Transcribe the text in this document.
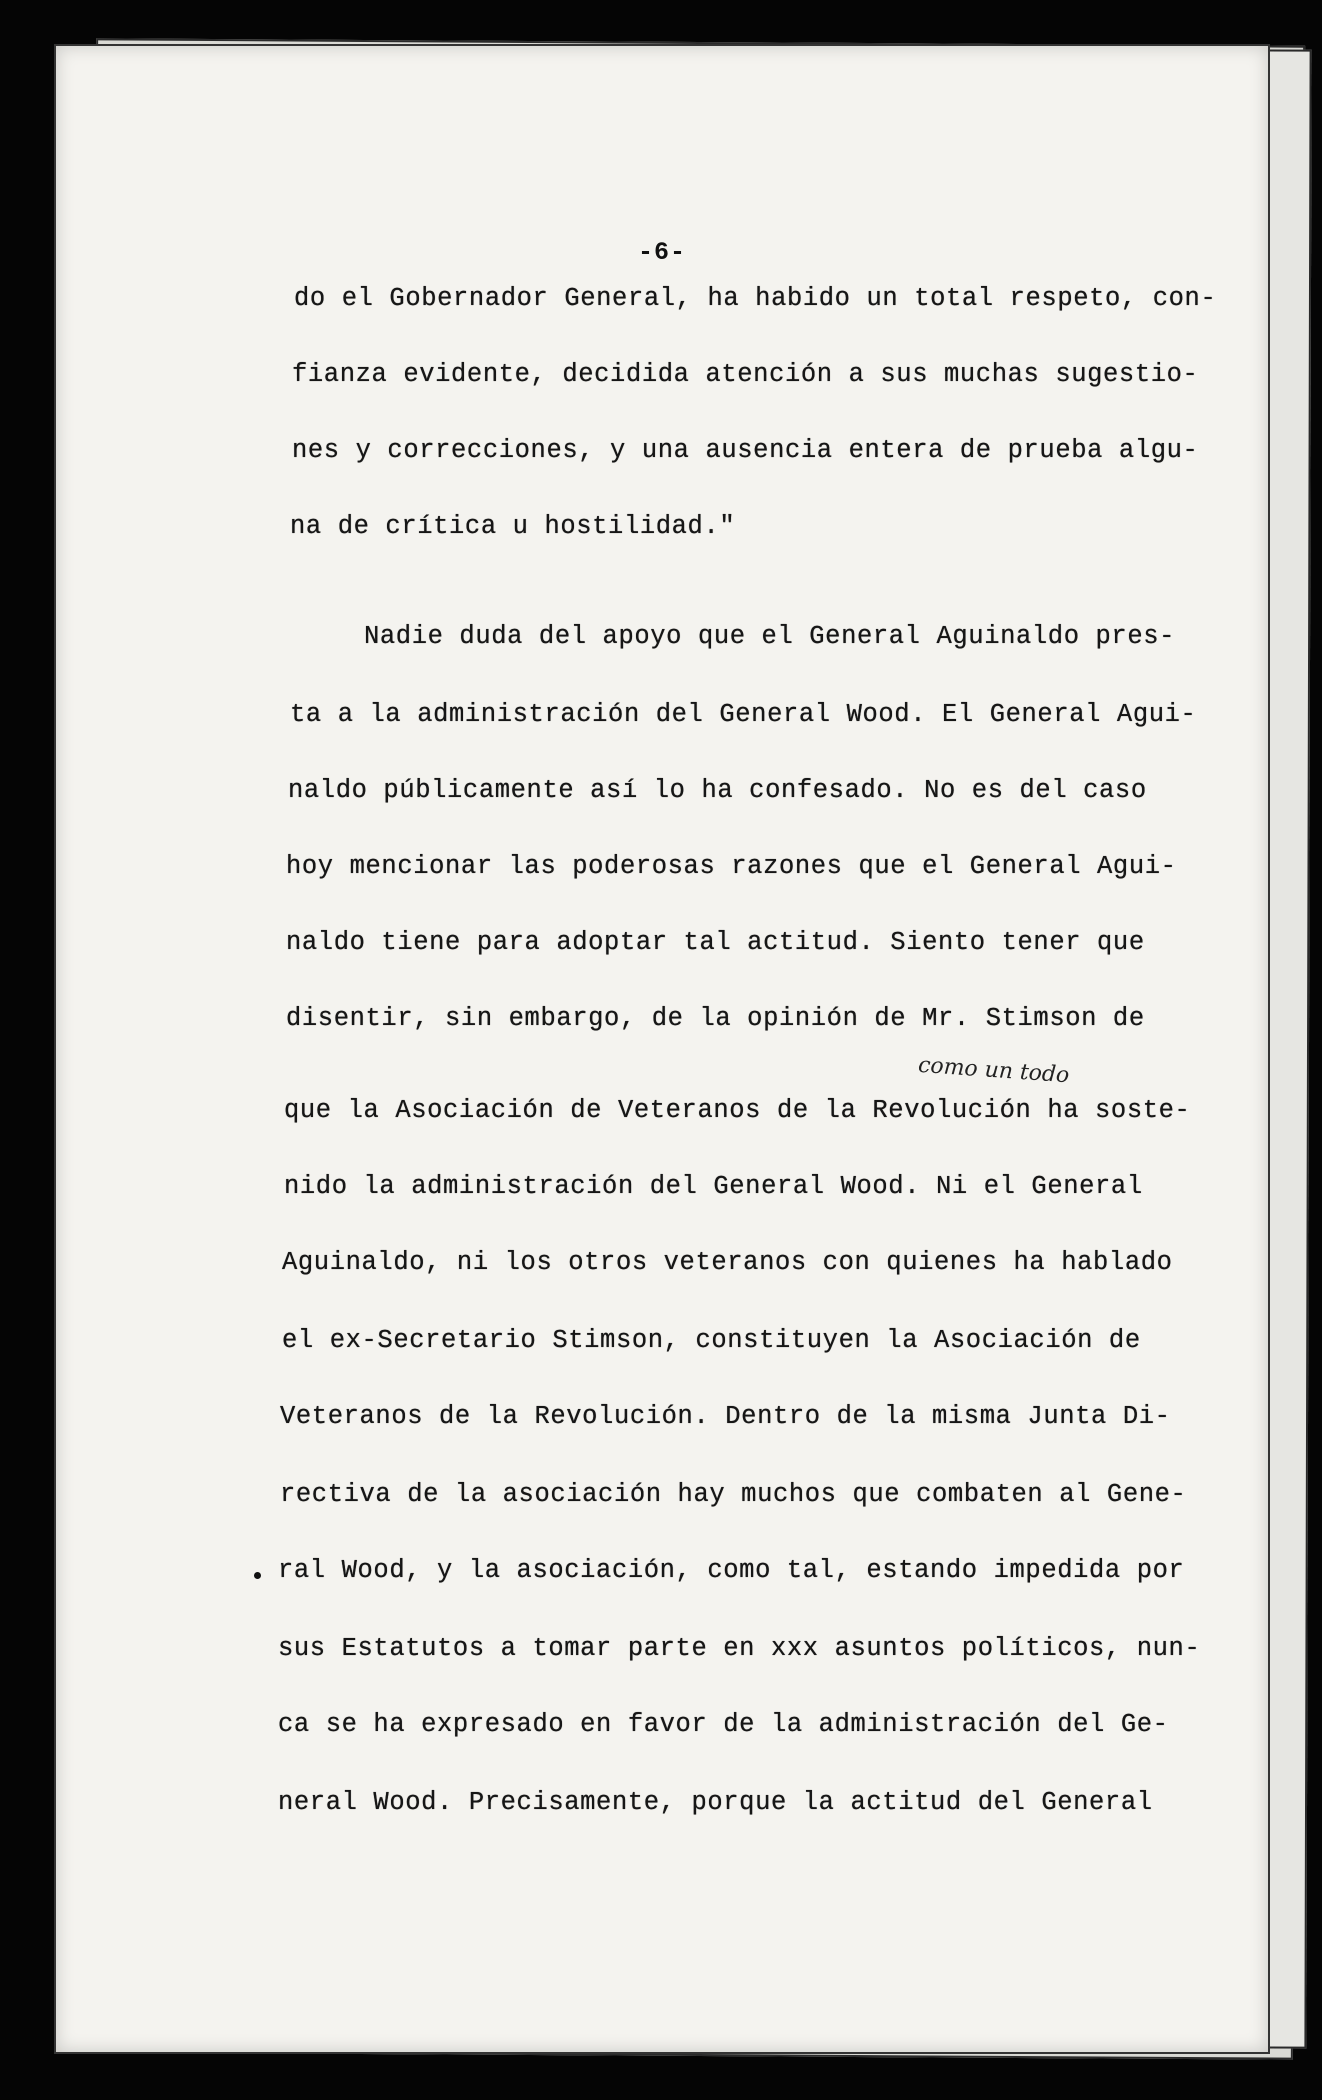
-6-
do el Gobernador General, ha habido un total respeto, con-
fianza evidente, decidida atención a sus muchas sugestio-
nes y correcciones, y una ausencia entera de prueba algu-
na de crítica u hostilidad."
Nadie duda del apoyo que el General Aguinaldo pres-
ta a la administración del General Wood. El General Agui-
naldo públicamente así lo ha confesado. No es del caso
hoy mencionar las poderosas razones que el General Agui-
naldo tiene para adoptar tal actitud. Siento tener que
disentir, sin embargo, de la opinión de Mr. Stimson de
como un todo
que la Asociación de Veteranos de la Revolución ha soste-
nido la administración del General Wood. Ni el General
Aguinaldo, ni los otros veteranos con quienes ha hablado
el ex-Secretario Stimson, constituyen la Asociación de
Veteranos de la Revolución. Dentro de la misma Junta Di-
rectiva de la asociación hay muchos que combaten al Gene-
ral Wood, y la asociación, como tal, estando impedida por
sus Estatutos a tomar parte en xxx asuntos políticos, nun-
ca se ha expresado en favor de la administración del Ge-
neral Wood. Precisamente, porque la actitud del General
